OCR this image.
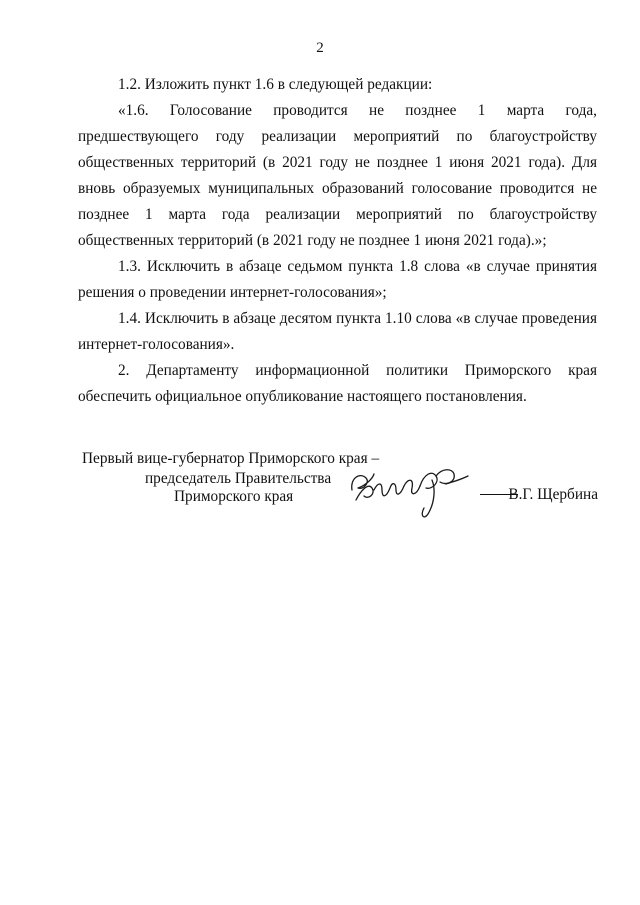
2

1.2. Изложить пункт 1.6 в следующей редакции:

«1.6. Голосование проводится не позднее 1 марта года, предшествующего году реализации мероприятий по благоустройству общественных территорий (в 2021 году не позднее 1 июня 2021 года). Для вновь образуемых муниципальных образований голосование проводится не позднее 1 марта года реализации мероприятий по благоустройству общественных территорий (в 2021 году не позднее 1 июня 2021 года).»;

1.3. Исключить в абзаце седьмом пункта 1.8 слова «в случае принятия решения о проведении интернет-голосования»;

1.4. Исключить в абзаце десятом пункта 1.10 слова «в случае проведения интернет-голосования».

2. Департаменту информационной политики Приморского края обеспечить официальное опубликование настоящего постановления.

Первый вице-губернатор Приморского края –
председатель Правительства
Приморского края	В.Г. Щербина
